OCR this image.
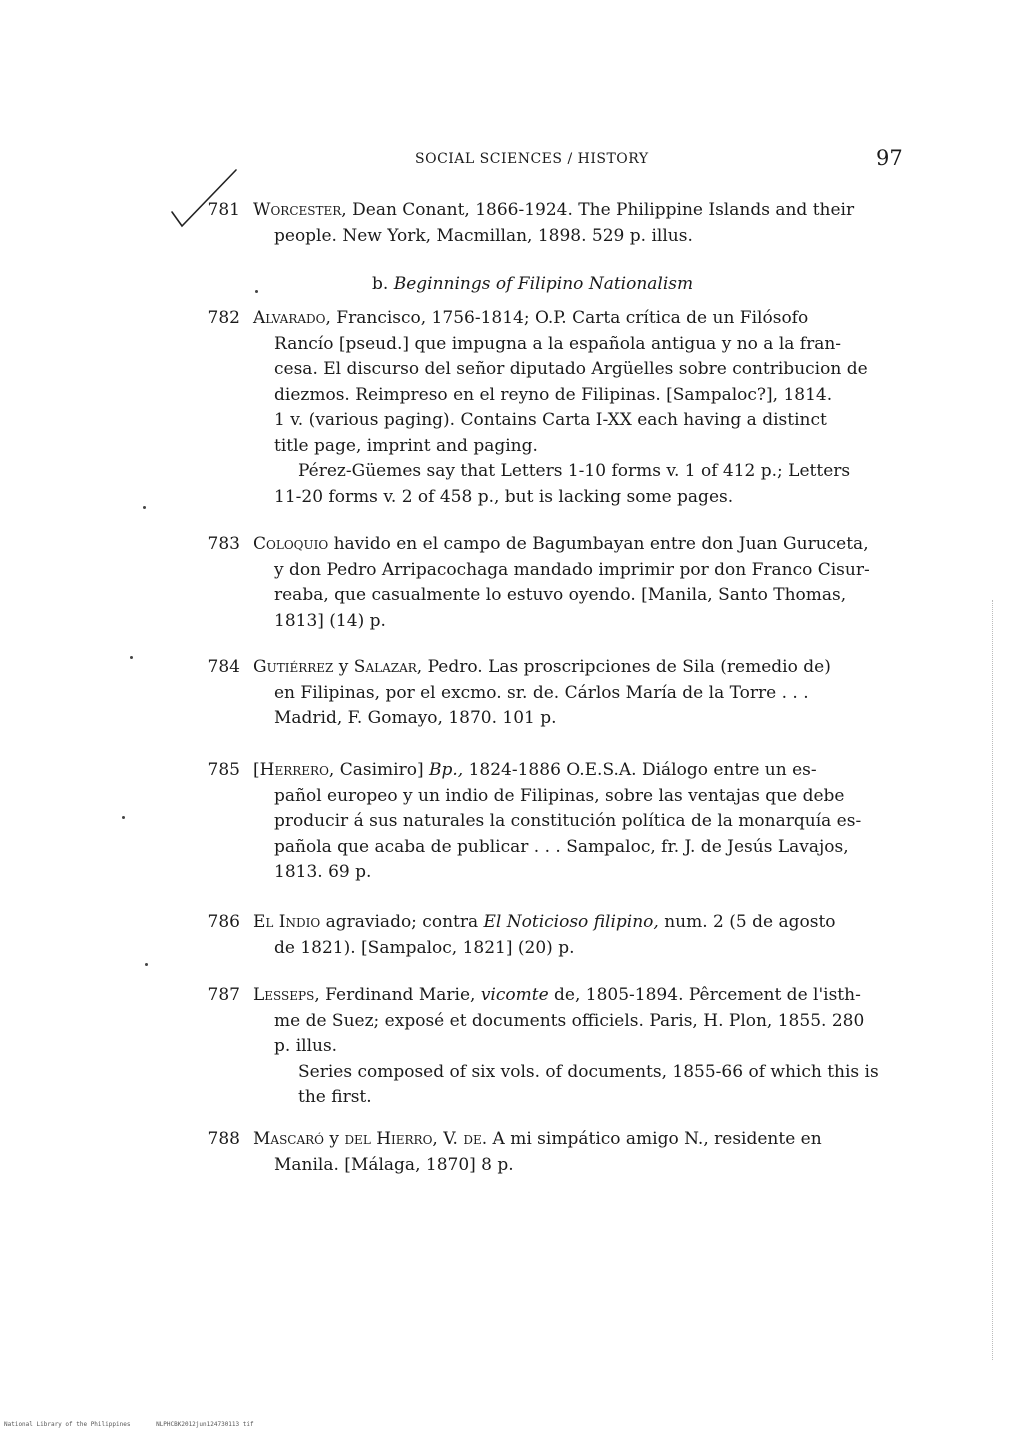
SOCIAL SCIENCES / HISTORY	97
781 Worcester, Dean Conant, 1866-1924. The Philippine Islands and their
people. New York, Macmillan, 1898. 529 p. illus.
b. Beginnings of Filipino Nationalism
782 Alvarado, Francisco, 1756-1814; O.P. Carta crítica de un Filósofo
Rancío [pseud.] que impugna a la española antigua y no a la fran-
cesa. El discurso del señor diputado Argüelles sobre contribucion de
diezmos. Reimpreso en el reyno de Filipinas. [Sampaloc?], 1814.
1 v. (various paging). Contains Carta I-XX each having a distinct
title page, imprint and paging.
Pérez-Güemes say that Letters 1-10 forms v. 1 of 412 p.; Letters
11-20 forms v. 2 of 458 p., but is lacking some pages.
783 Coloquio havido en el campo de Bagumbayan entre don Juan Guruceta,
y don Pedro Arripacochaga mandado imprimir por don Franco Cisur-
reaba, que casualmente lo estuvo oyendo. [Manila, Santo Thomas,
1813] (14) p.
784 Gutiérrez y Salazar, Pedro. Las proscripciones de Sila (remedio de)
en Filipinas, por el excmo. sr. de. Cárlos María de la Torre . . .
Madrid, F. Gomayo, 1870. 101 p.
785 [Herrero, Casimiro] Bp., 1824-1886 O.E.S.A. Diálogo entre un es-
pañol europeo y un indio de Filipinas, sobre las ventajas que debe
producir á sus naturales la constitución política de la monarquía es-
pañola que acaba de publicar . . . Sampaloc, fr. J. de Jesús Lavajos,
1813. 69 p.
786 El Indio agraviado; contra El Noticioso filipino, num. 2 (5 de agosto
de 1821). [Sampaloc, 1821] (20) p.
787 Lesseps, Ferdinand Marie, vicomte de, 1805-1894. Pêrcement de l'isth-
me de Suez; exposé et documents officiels. Paris, H. Plon, 1855. 280
p. illus.
Series composed of six vols. of documents, 1855-66 of which this is
the first.
788 Mascaró y del Hierro, V. de. A mi simpático amigo N., residente en
Manila. [Málaga, 1870] 8 p.
National Library of the Philippines	NLPHCBK2012jun124730113 tif
